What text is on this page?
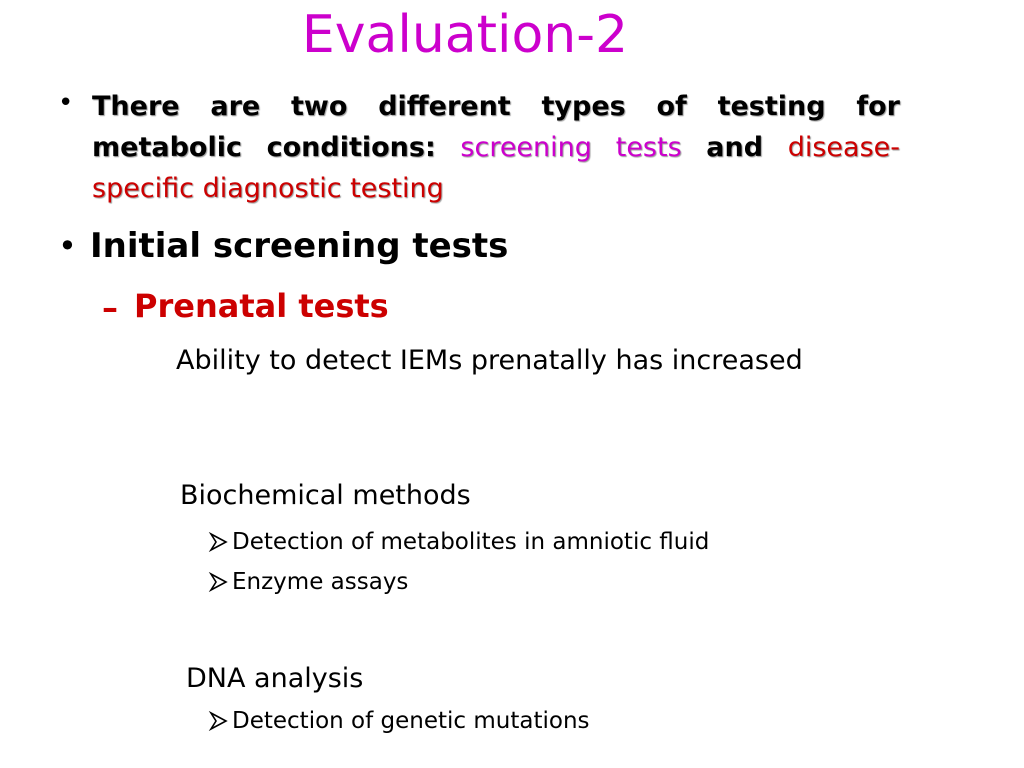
Evaluation-2
• There are two different types of testing for metabolic conditions: screening tests and disease-specific diagnostic testing
• Initial screening tests
– Prenatal tests
Ability to detect IEMs prenatally has increased
Biochemical methods
Detection of metabolites in amniotic fluid
Enzyme assays
DNA analysis
Detection of genetic mutations
